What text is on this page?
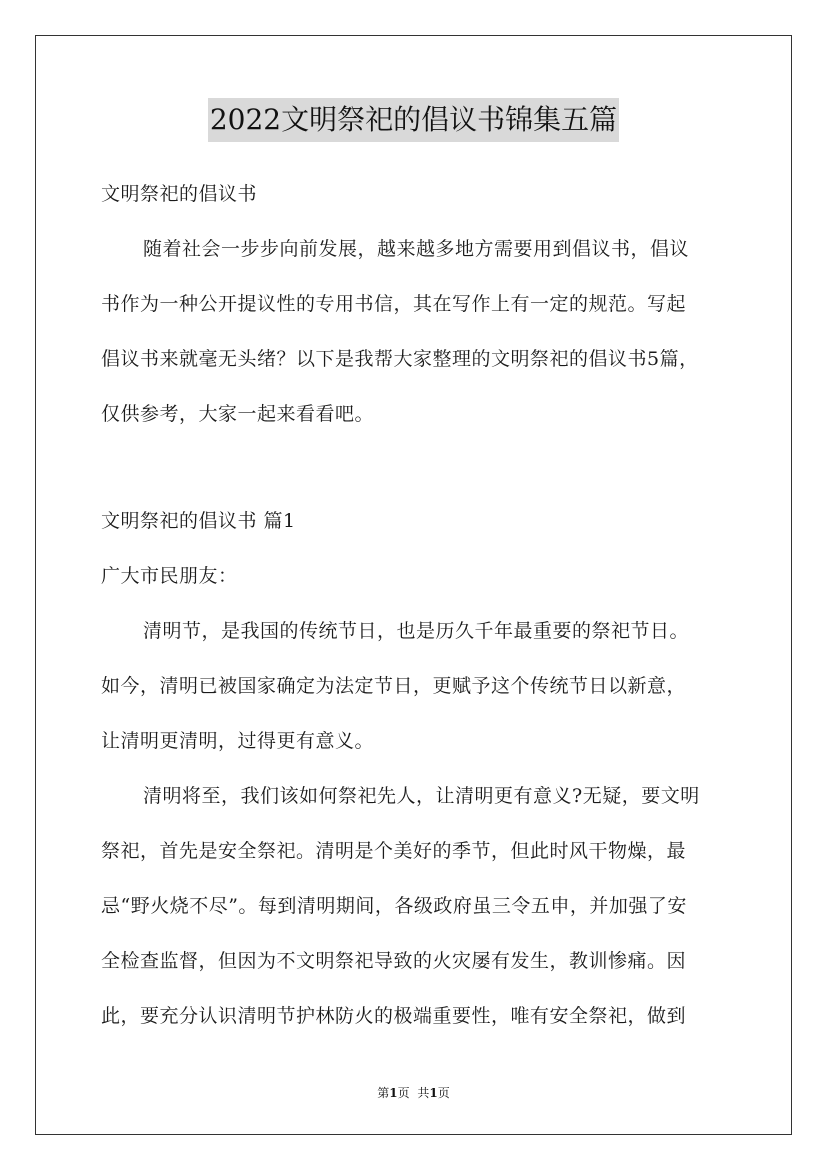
2022文明祭祀的倡议书锦集五篇
文明祭祀的倡议书
随着社会一步步向前发展，越来越多地方需要用到倡议书，倡议
书作为一种公开提议性的专用书信，其在写作上有一定的规范。写起
倡议书来就毫无头绪？以下是我帮大家整理的文明祭祀的倡议书5篇，
仅供参考，大家一起来看看吧。
文明祭祀的倡议书 篇1
广大市民朋友：
清明节，是我国的传统节日，也是历久千年最重要的祭祀节日。
如今，清明已被国家确定为法定节日，更赋予这个传统节日以新意，
让清明更清明，过得更有意义。
清明将至，我们该如何祭祀先人，让清明更有意义?无疑，要文明
祭祀，首先是安全祭祀。清明是个美好的季节，但此时风干物燥，最
忌“野火烧不尽”。每到清明期间，各级政府虽三令五申，并加强了安
全检查监督，但因为不文明祭祀导致的火灾屡有发生，教训惨痛。因
此，要充分认识清明节护林防火的极端重要性，唯有安全祭祀，做到
第1页 共1页
